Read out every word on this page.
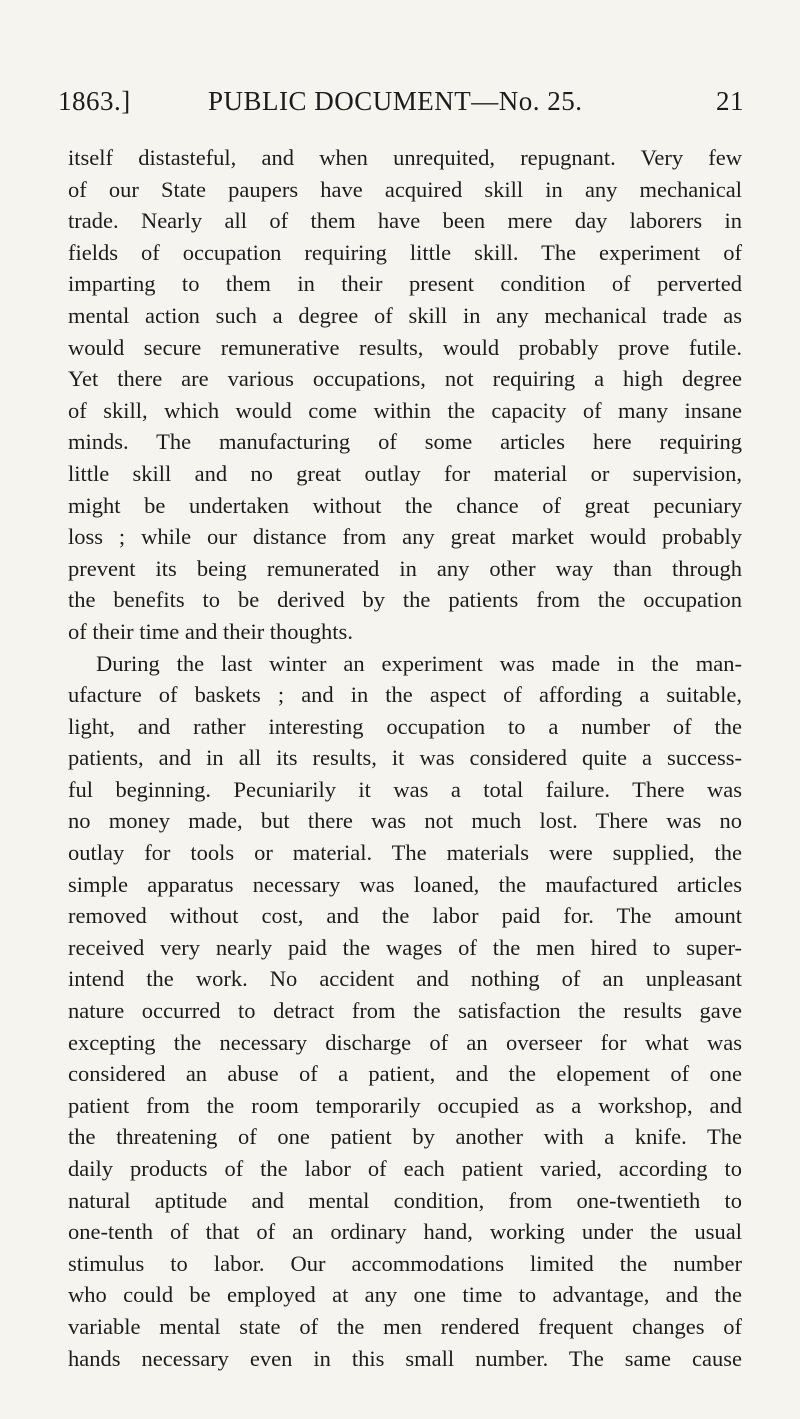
1863.]	PUBLIC DOCUMENT—No. 25.	21
itself distasteful, and when unrequited, repugnant. Very few
of our State paupers have acquired skill in any mechanical
trade. Nearly all of them have been mere day laborers in
fields of occupation requiring little skill. The experiment of
imparting to them in their present condition of perverted
mental action such a degree of skill in any mechanical trade as
would secure remunerative results, would probably prove futile.
Yet there are various occupations, not requiring a high degree
of skill, which would come within the capacity of many insane
minds. The manufacturing of some articles here requiring
little skill and no great outlay for material or supervision,
might be undertaken without the chance of great pecuniary
loss ; while our distance from any great market would probably
prevent its being remunerated in any other way than through
the benefits to be derived by the patients from the occupation
of their time and their thoughts.
During the last winter an experiment was made in the man-
ufacture of baskets ; and in the aspect of affording a suitable,
light, and rather interesting occupation to a number of the
patients, and in all its results, it was considered quite a success-
ful beginning. Pecuniarily it was a total failure. There was
no money made, but there was not much lost. There was no
outlay for tools or material. The materials were supplied, the
simple apparatus necessary was loaned, the maufactured articles
removed without cost, and the labor paid for. The amount
received very nearly paid the wages of the men hired to super-
intend the work. No accident and nothing of an unpleasant
nature occurred to detract from the satisfaction the results gave
excepting the necessary discharge of an overseer for what was
considered an abuse of a patient, and the elopement of one
patient from the room temporarily occupied as a workshop, and
the threatening of one patient by another with a knife. The
daily products of the labor of each patient varied, according to
natural aptitude and mental condition, from one-twentieth to
one-tenth of that of an ordinary hand, working under the usual
stimulus to labor. Our accommodations limited the number
who could be employed at any one time to advantage, and the
variable mental state of the men rendered frequent changes of
hands necessary even in this small number. The same cause
